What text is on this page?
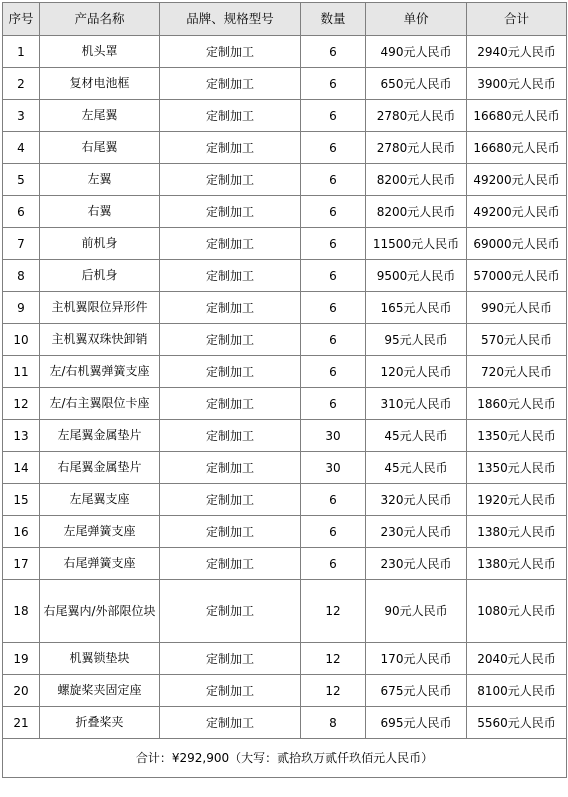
序号	产品名称	品牌、规格型号	数量	单价	合计
1	机头罩	定制加工	6	490元人民币	2940元人民币
2	复材电池框	定制加工	6	650元人民币	3900元人民币
3	左尾翼	定制加工	6	2780元人民币	16680元人民币
4	右尾翼	定制加工	6	2780元人民币	16680元人民币
5	左翼	定制加工	6	8200元人民币	49200元人民币
6	右翼	定制加工	6	8200元人民币	49200元人民币
7	前机身	定制加工	6	11500元人民币	69000元人民币
8	后机身	定制加工	6	9500元人民币	57000元人民币
9	主机翼限位异形件	定制加工	6	165元人民币	990元人民币
10	主机翼双珠快卸销	定制加工	6	95元人民币	570元人民币
11	左/右机翼弹簧支座	定制加工	6	120元人民币	720元人民币
12	左/右主翼限位卡座	定制加工	6	310元人民币	1860元人民币
13	左尾翼金属垫片	定制加工	30	45元人民币	1350元人民币
14	右尾翼金属垫片	定制加工	30	45元人民币	1350元人民币
15	左尾翼支座	定制加工	6	320元人民币	1920元人民币
16	左尾弹簧支座	定制加工	6	230元人民币	1380元人民币
17	右尾弹簧支座	定制加工	6	230元人民币	1380元人民币
18	右尾翼内/外部限位块	定制加工	12	90元人民币	1080元人民币
19	机翼锁垫块	定制加工	12	170元人民币	2040元人民币
20	螺旋桨夹固定座	定制加工	12	675元人民币	8100元人民币
21	折叠桨夹	定制加工	8	695元人民币	5560元人民币
合计：¥292,900（大写：贰拾玖万贰仟玖佰元人民币）					
